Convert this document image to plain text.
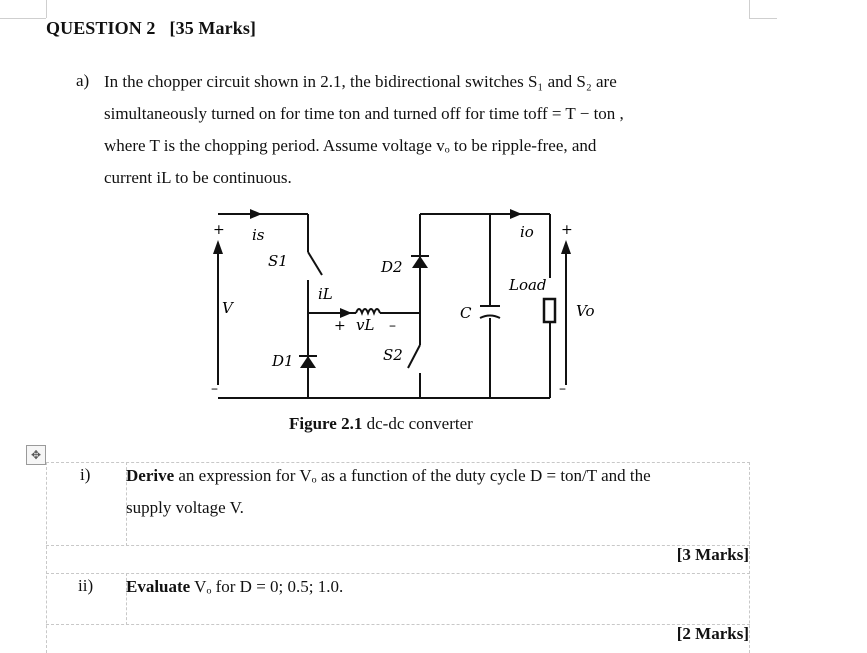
QUESTION 2 [35 Marks]
a) In the chopper circuit shown in 2.1, the bidirectional switches S₁ and S₂ are
simultaneously turned on for time ton and turned off for time toff = T − ton ,
where T is the chopping period. Assume voltage vₒ to be ripple-free, and
current iL to be continuous.
+
–
is
S1
V
iL
D2
+ vL –
D1	S2
C
io
Load
+
Vo
–
Figure 2.1 dc-dc converter
✥
i) Derive an expression for Vₒ as a function of the duty cycle D = ton/T and the
supply voltage V.
[3 Marks]
ii) Evaluate Vₒ for D = 0; 0.5; 1.0.
[2 Marks]
